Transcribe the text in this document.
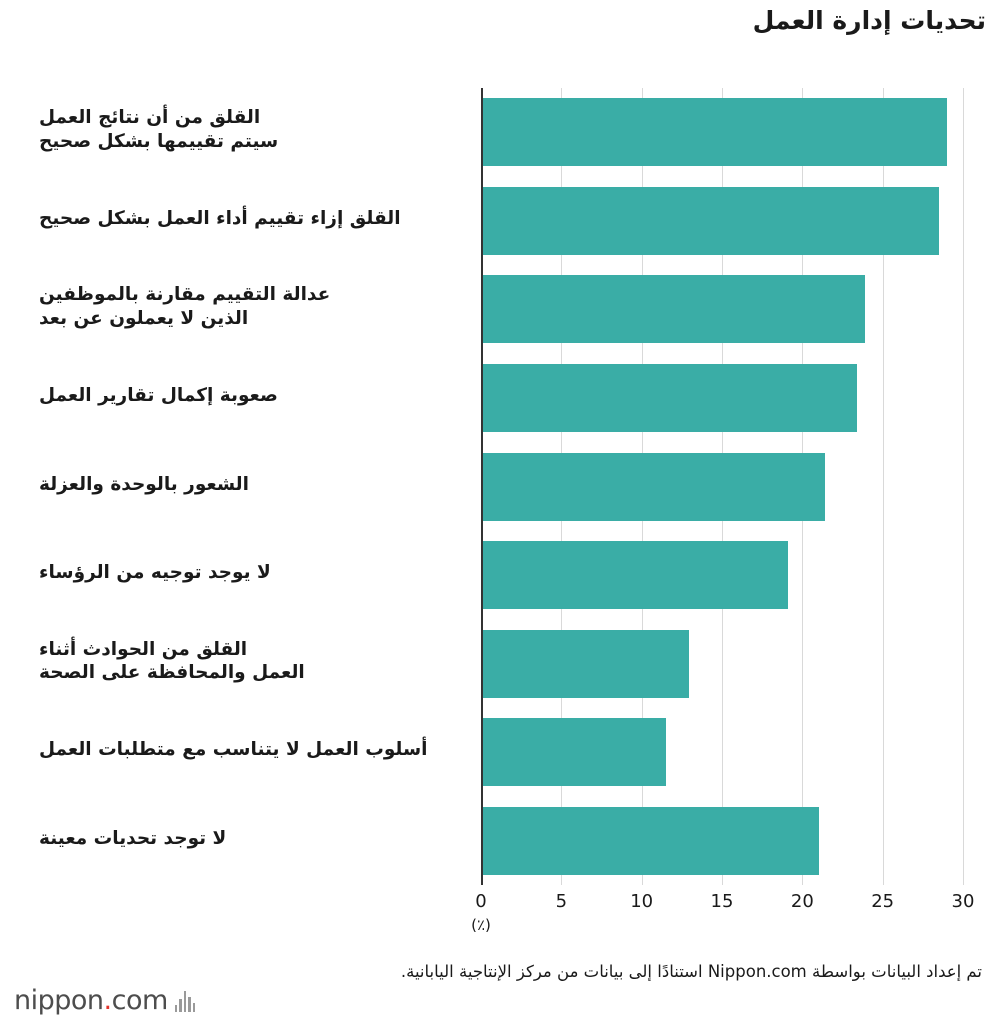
تحديات إدارة العمل
0	5	10	15	20	25	30
(٪)
تم إعداد البيانات بواسطة Nippon.com استنادًا إلى بيانات من مركز الإنتاجية اليابانية.
nippon.com
القلق من أن نتائج العمل
سيتم تقييمها بشكل صحيح
القلق إزاء تقييم أداء العمل بشكل صحيح
عدالة التقييم مقارنة بالموظفين
الذين لا يعملون عن بعد
صعوبة إكمال تقارير العمل
الشعور بالوحدة والعزلة
لا يوجد توجيه من الرؤساء
القلق من الحوادث أثناء
العمل والمحافظة على الصحة
أسلوب العمل لا يتناسب مع متطلبات العمل
لا توجد تحديات معينة
